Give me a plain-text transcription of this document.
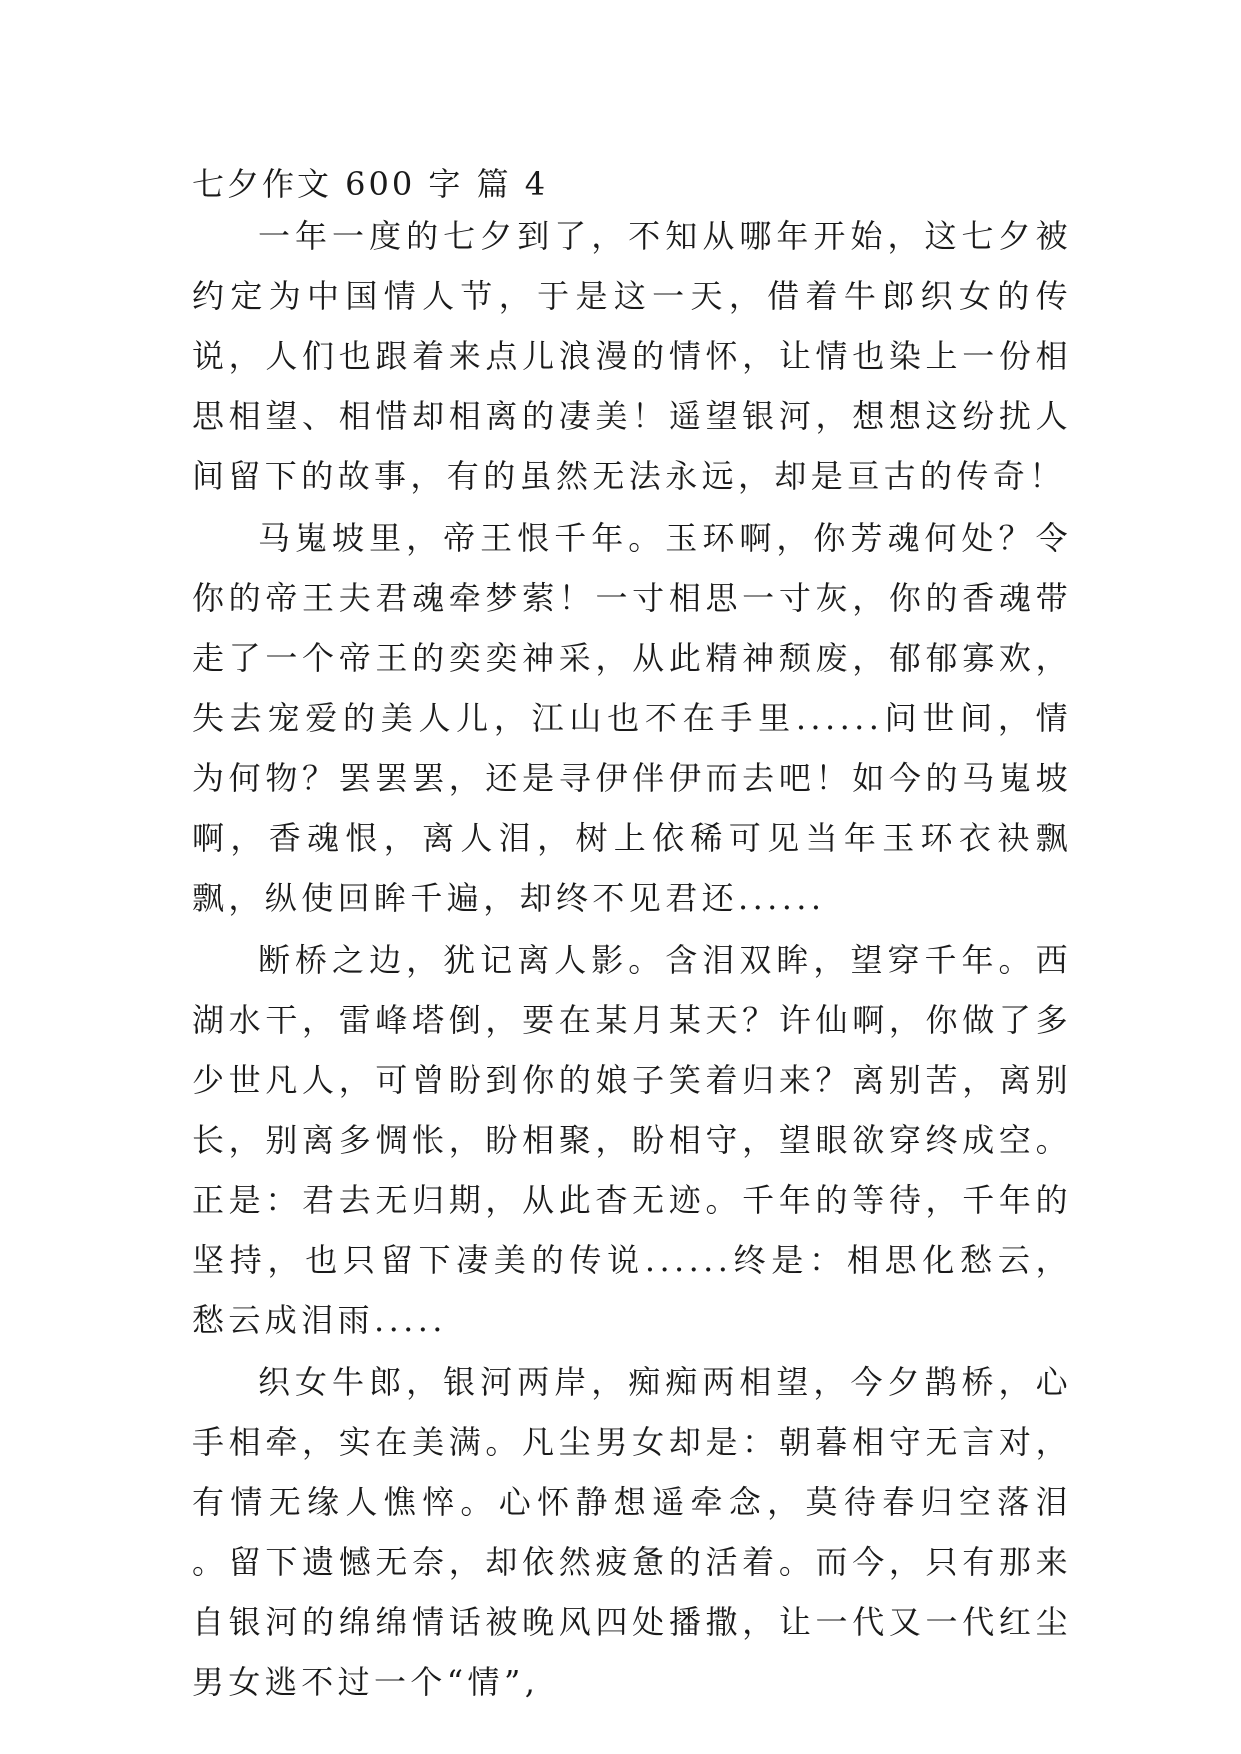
七夕作文 600 字 篇 4

一年一度的七夕到了，不知从哪年开始，这七夕被约定为中国情人节，于是这一天，借着牛郎织女的传说，人们也跟着来点儿浪漫的情怀，让情也染上一份相思相望、相惜却相离的凄美！遥望银河，想想这纷扰人间留下的故事，有的虽然无法永远，却是亘古的传奇！

马嵬坡里，帝王恨千年。玉环啊，你芳魂何处？令你的帝王夫君魂牵梦萦！一寸相思一寸灰，你的香魂带走了一个帝王的奕奕神采，从此精神颓废，郁郁寡欢，失去宠爱的美人儿，江山也不在手里......问世间，情为何物？罢罢罢，还是寻伊伴伊而去吧！如今的马嵬坡啊，香魂恨，离人泪，树上依稀可见当年玉环衣袂飘飘，纵使回眸千遍，却终不见君还......

断桥之边，犹记离人影。含泪双眸，望穿千年。西湖水干，雷峰塔倒，要在某月某天？许仙啊，你做了多少世凡人，可曾盼到你的娘子笑着归来？离别苦，离别长，别离多惆怅，盼相聚，盼相守，望眼欲穿终成空。正是：君去无归期，从此杳无迹。千年的等待，千年的坚持，也只留下凄美的传说......终是：相思化愁云，愁云成泪雨.....

织女牛郎，银河两岸，痴痴两相望，今夕鹊桥，心手相牵，实在美满。凡尘男女却是：朝暮相守无言对，有情无缘人憔悴。心怀静想遥牵念，莫待春归空落泪 。留下遗憾无奈，却依然疲惫的活着。而今，只有那来自银河的绵绵情话被晚风四处播撒，让一代又一代红尘男女逃不过一个“情”,
